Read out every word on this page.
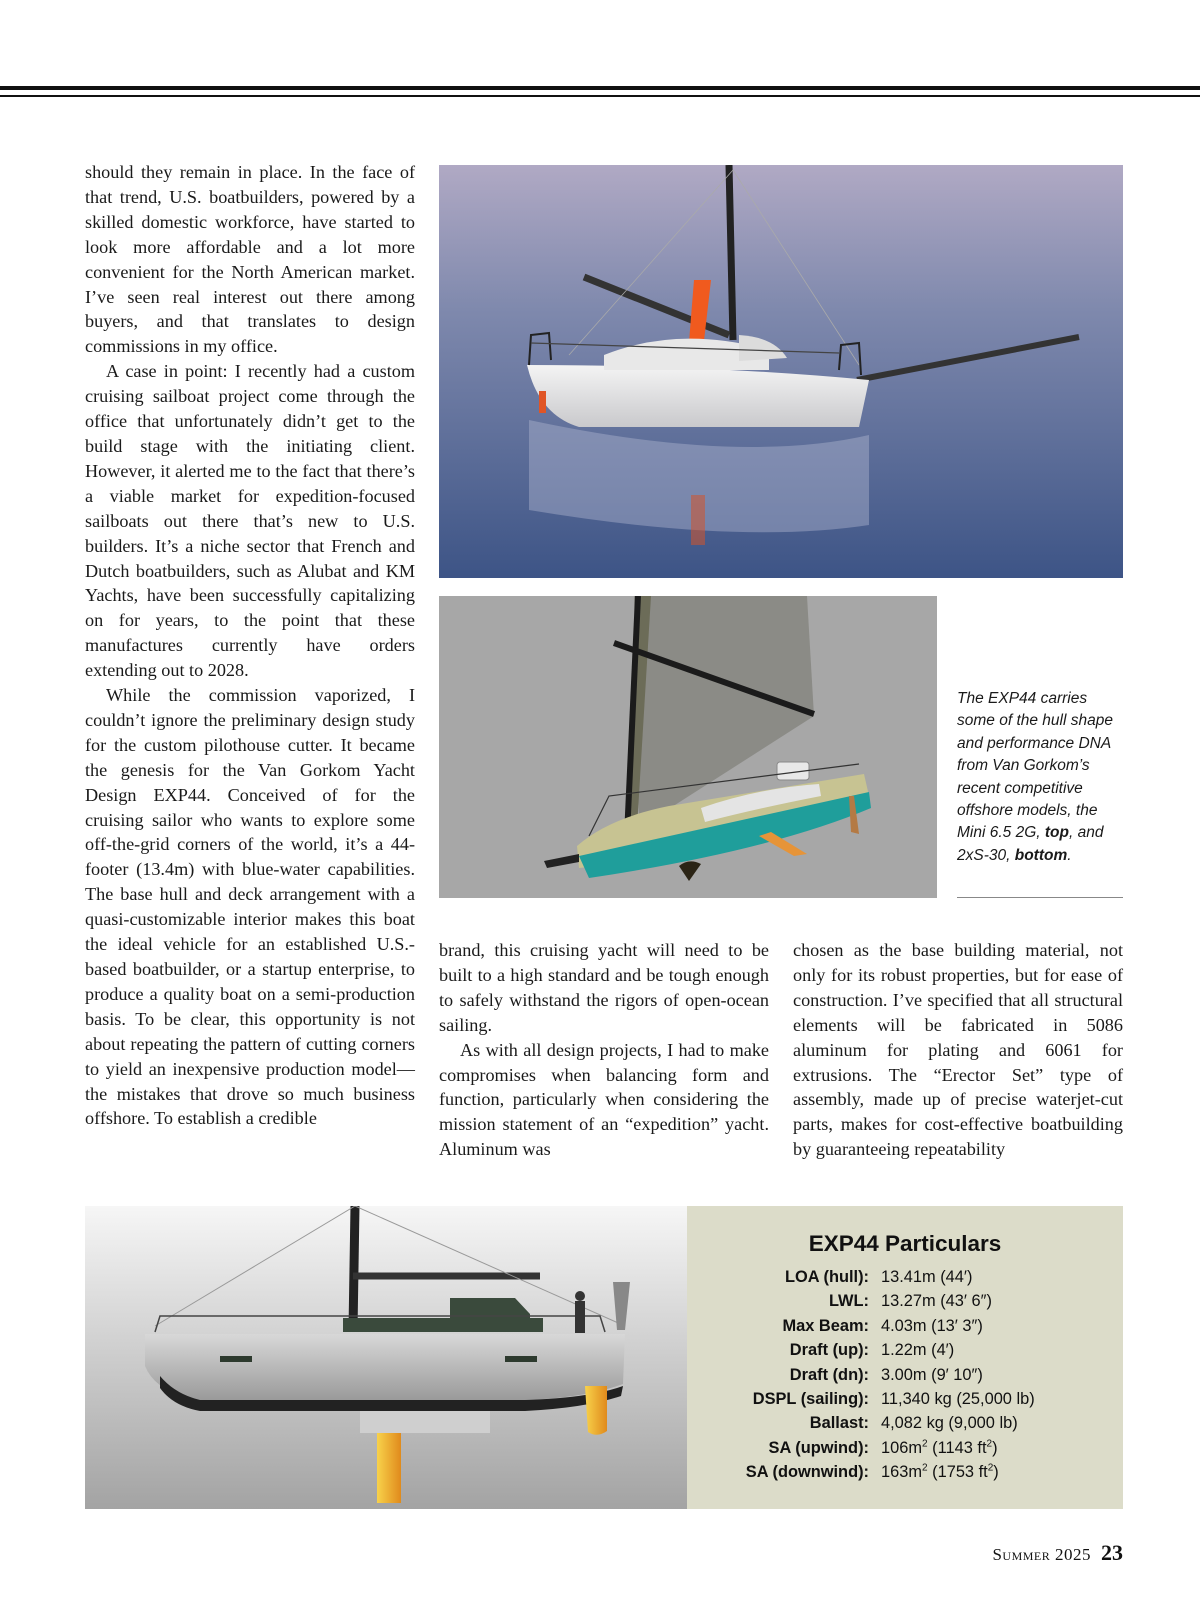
should they remain in place. In the face of that trend, U.S. boatbuilders, powered by a skilled domestic workforce, have started to look more affordable and a lot more convenient for the North American market. I’ve seen real interest out there among buyers, and that translates to design commissions in my office.

A case in point: I recently had a custom cruising sailboat project come through the office that unfortunately didn’t get to the build stage with the initiating client. However, it alerted me to the fact that there’s a viable market for expedition-focused sailboats out there that’s new to U.S. builders. It’s a niche sector that French and Dutch boatbuilders, such as Alubat and KM Yachts, have been successfully capitalizing on for years, to the point that these manufactures currently have orders extending out to 2028.

While the commission vaporized, I couldn’t ignore the preliminary design study for the custom pilothouse cutter. It became the genesis for the Van Gorkom Yacht Design EXP44. Conceived of for the cruising sailor who wants to explore some off-the-grid corners of the world, it’s a 44-footer (13.4m) with blue-water capabilities. The base hull and deck arrangement with a quasi-customizable interior makes this boat the ideal vehicle for an established U.S.-based boatbuilder, or a startup enterprise, to produce a quality boat on a semi-production basis. To be clear, this opportunity is not about repeating the pattern of cutting corners to yield an inexpensive production model—the mistakes that drove so much business offshore. To establish a credible

The EXP44 carries some of the hull shape and performance DNA from Van Gorkom’s recent competitive offshore models, the Mini 6.5 2G, top, and 2xS-30, bottom.

brand, this cruising yacht will need to be built to a high standard and be tough enough to safely withstand the rigors of open-ocean sailing.

As with all design projects, I had to make compromises when balancing form and function, particularly when considering the mission statement of an “expedition” yacht. Aluminum was

chosen as the base building material, not only for its robust properties, but for ease of construction. I’ve specified that all structural elements will be fabricated in 5086 aluminum for plating and 6061 for extrusions. The “Erector Set” type of assembly, made up of precise waterjet-cut parts, makes for cost-effective boatbuilding by guaranteeing repeatability

EXP44 Particulars
LOA (hull): 13.41m (44′)
LWL: 13.27m (43′ 6″)
Max Beam: 4.03m (13′ 3″)
Draft (up): 1.22m (4′)
Draft (dn): 3.00m (9′ 10″)
DSPL (sailing): 11,340 kg (25,000 lb)
Ballast: 4,082 kg (9,000 lb)
SA (upwind): $106m^2$ (1143 $ft^2$)
SA (downwind): $163m^2$ (1753 $ft^2$)
Summer 2025 23
